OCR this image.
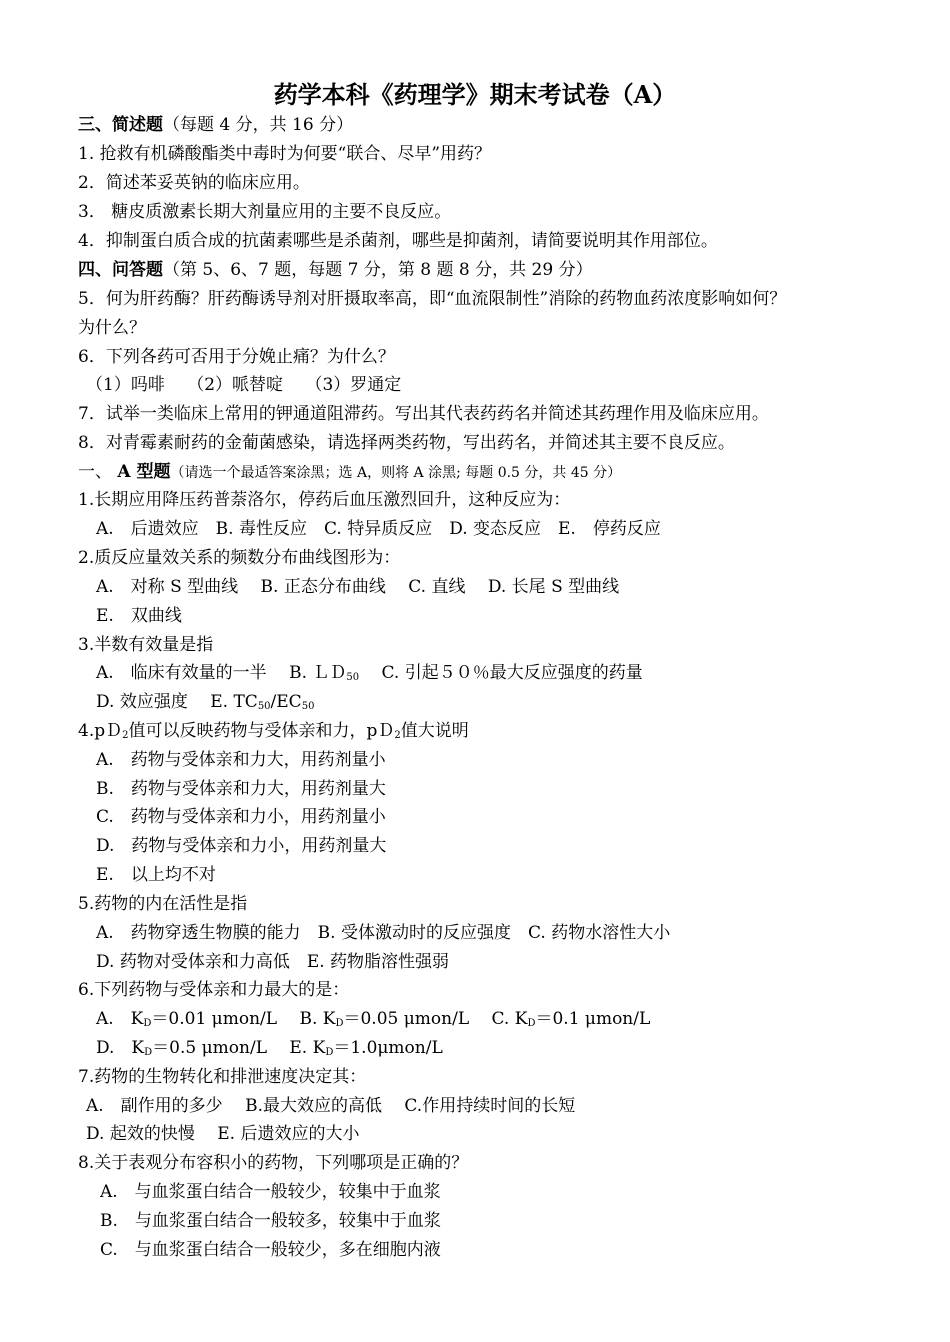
药学本科《药理学》期末考试卷（A）
三、简述题（每题 4 分，共 16 分）
1. 抢救有机磷酸酯类中毒时为何要“联合、尽早”用药？
2．简述苯妥英钠的临床应用。
3． 糖皮质激素长期大剂量应用的主要不良反应。
4．抑制蛋白质合成的抗菌素哪些是杀菌剂，哪些是抑菌剂，请简要说明其作用部位。
四、问答题（第 5、6、7 题，每题 7 分，第 8 题 8 分，共 29 分）
5．何为肝药酶？肝药酶诱导剂对肝摄取率高，即“血流限制性”消除的药物血药浓度影响如何？
为什么？
6．下列各药可否用于分娩止痛？为什么？
（1）吗啡　 （2）哌替啶　 （3）罗通定
7．试举一类临床上常用的钾通道阻滞药。写出其代表药药名并简述其药理作用及临床应用。
8．对青霉素耐药的金葡菌感染，请选择两类药物，写出药名，并简述其主要不良反应。
一、 A 型题（请选一个最适答案涂黑；选 A，则将 A 涂黑; 每题 0.5 分，共 45 分）
1.长期应用降压药普萘洛尔，停药后血压激烈回升，这种反应为：
A.　后遗效应　B. 毒性反应　C. 特异质反应　D. 变态反应　E.　停药反应
2.质反应量效关系的频数分布曲线图形为：
A.　对称 S 型曲线　 B. 正态分布曲线　 C. 直线　 D. 长尾 S 型曲线
E.　双曲线
3.半数有效量是指
A.　临床有效量的一半　 B. ＬＤ$_{50}$　 C. 引起５０％最大反应强度的药量
D. 效应强度　 E. $TC_{50}/EC_{50}$
4.pＤ$_2$值可以反映药物与受体亲和力，pＤ$_2$值大说明
A.　药物与受体亲和力大，用药剂量小
B.　药物与受体亲和力大，用药剂量大
C.　药物与受体亲和力小，用药剂量小
D.　药物与受体亲和力小，用药剂量大
E.　以上均不对
5.药物的内在活性是指
A.　药物穿透生物膜的能力　B. 受体激动时的反应强度　C. 药物水溶性大小
D. 药物对受体亲和力高低　E. 药物脂溶性强弱
6.下列药物与受体亲和力最大的是：
A.　$K_D=0.01$ μmon/L　 B. $K_D=0.05$ μmon/L　 C. $K_D=0.1$ μmon/L
D.　$K_D=0.5$ μmon/L　 E. $K_D=1.0\mu mon/L$
7.药物的生物转化和排泄速度决定其：
A.　副作用的多少　 B.最大效应的高低　 C.作用持续时间的长短
D. 起效的快慢　 E. 后遗效应的大小
8.关于表观分布容积小的药物，下列哪项是正确的？
A.　与血浆蛋白结合一般较少，较集中于血浆
B.　与血浆蛋白结合一般较多，较集中于血浆
C.　与血浆蛋白结合一般较少，多在细胞内液
